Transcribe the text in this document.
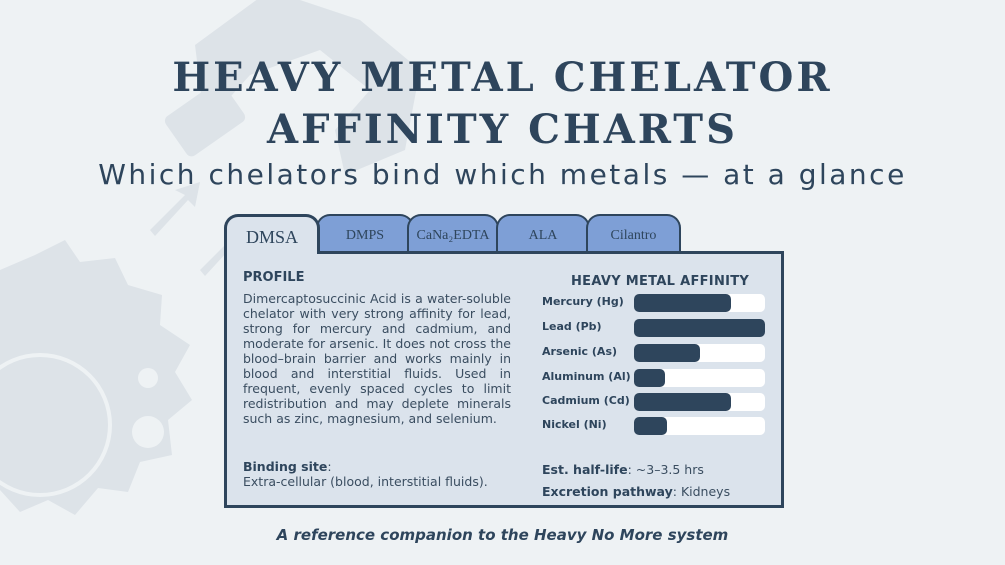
HEAVY METAL CHELATOR
AFFINITY CHARTS
Which chelators bind which metals — at a glance
DMSA	DMPS	CaNa₂EDTA	ALA	Cilantro
PROFILE
Dimercaptosuccinic Acid is a water-soluble chelator with very strong affinity for lead, strong for mercury and cadmium, and moderate for arsenic. It does not cross the blood–brain barrier and works mainly in blood and interstitial fluids. Used in frequent, evenly spaced cycles to limit redistribution and may deplete minerals such as zinc, magnesium, and selenium.
Binding site:
Extra-cellular (blood, interstitial fluids).
HEAVY METAL AFFINITY
Mercury (Hg)
Lead (Pb)
Arsenic (As)
Aluminum (Al)
Cadmium (Cd)
Nickel (Ni)
Est. half-life: ~3–3.5 hrs
Excretion pathway: Kidneys
A reference companion to the Heavy No More system
